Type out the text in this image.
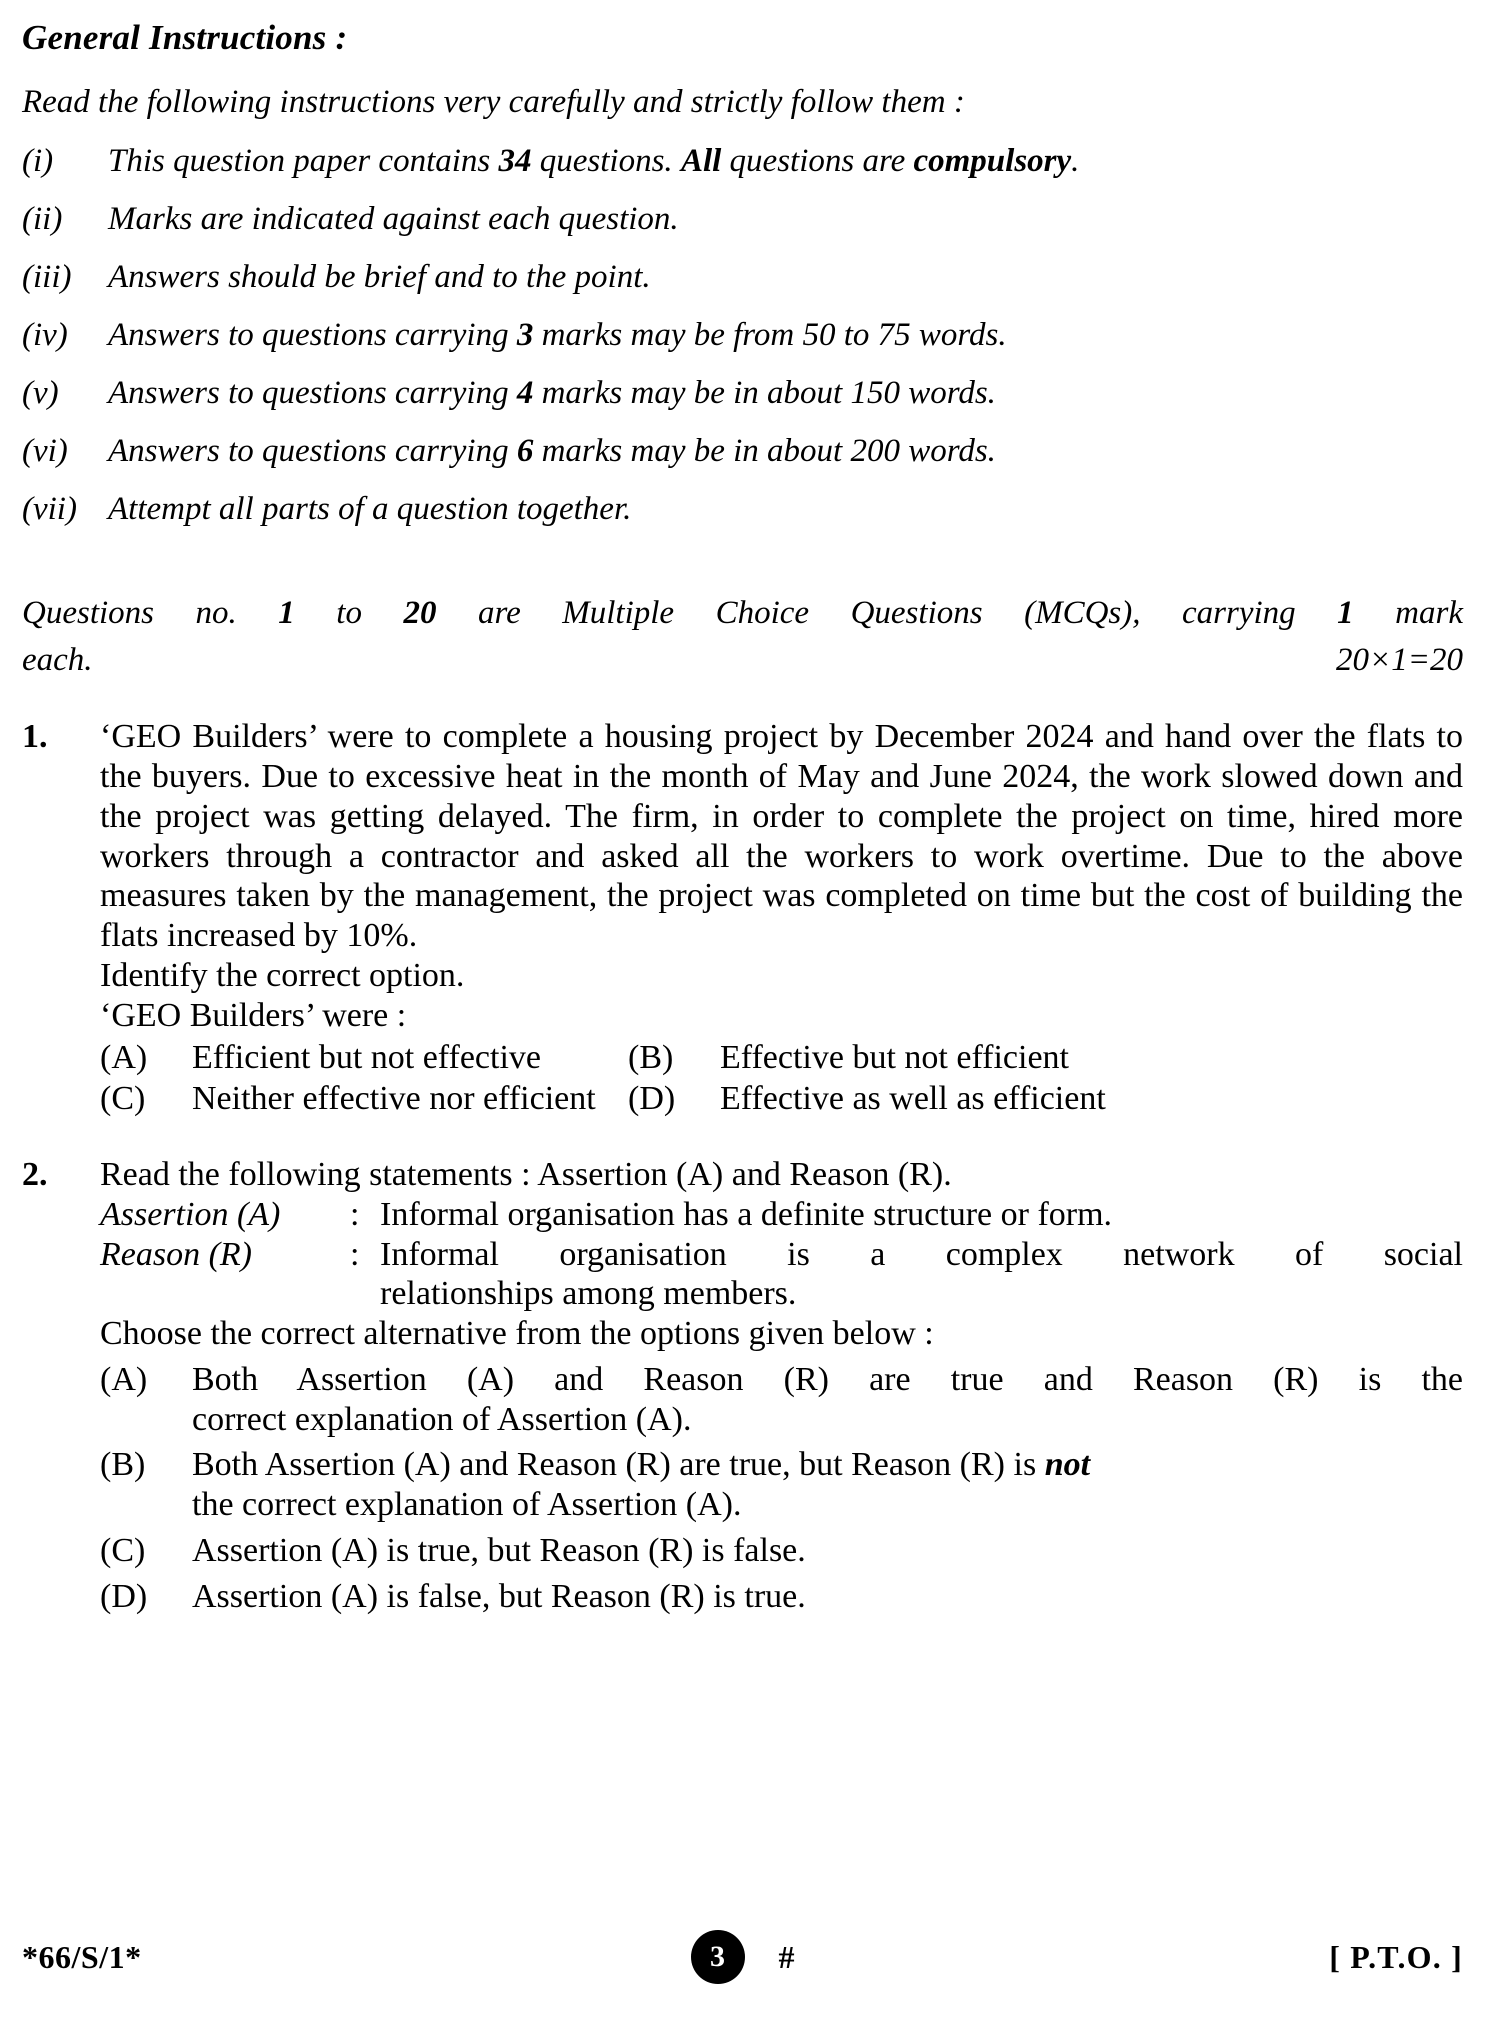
General Instructions :
Read the following instructions very carefully and strictly follow them :
(i)	This question paper contains 34 questions. All questions are compulsory.
(ii)	Marks are indicated against each question.
(iii)	Answers should be brief and to the point.
(iv)	Answers to questions carrying 3 marks may be from 50 to 75 words.
(v)	Answers to questions carrying 4 marks may be in about 150 words.
(vi)	Answers to questions carrying 6 marks may be in about 200 words.
(vii) Attempt all parts of a question together.
Questions no. 1 to 20 are Multiple Choice Questions (MCQs), carrying 1 mark
each.	20×1=20
1.	‘GEO Builders’ were to complete a housing project by December 2024 and hand over the flats to the buyers. Due to excessive heat in the month of May and June 2024, the work slowed down and the project was getting delayed. The firm, in order to complete the project on time, hired more workers through a contractor and asked all the workers to work overtime. Due to the above measures taken by the management, the project was completed on time but the cost of building the flats increased by 10%.

Identify the correct option.

‘GEO Builders’ were :

(A)	Efficient but not effective	(B)	Effective but not efficient
(C)	Neither effective nor efficient (D)	Effective as well as efficient
2.	Read the following statements : Assertion (A) and Reason (R).

Assertion (A)	: Informal organisation has a definite structure or form.
Reason (R)	: Informal organisation is a complex network of social

relationships among members.

Choose the correct alternative from the options given below :

(A)	Both Assertion (A) and Reason (R) are true and Reason (R) is the
correct explanation of Assertion (A).
(B)	Both Assertion (A) and Reason (R) are true, but Reason (R) is not
the correct explanation of Assertion (A).
(C)	Assertion (A) is true, but Reason (R) is false.
(D)	Assertion (A) is false, but Reason (R) is true.
*66/S/1*	3	#	[ P.T.O. ]
